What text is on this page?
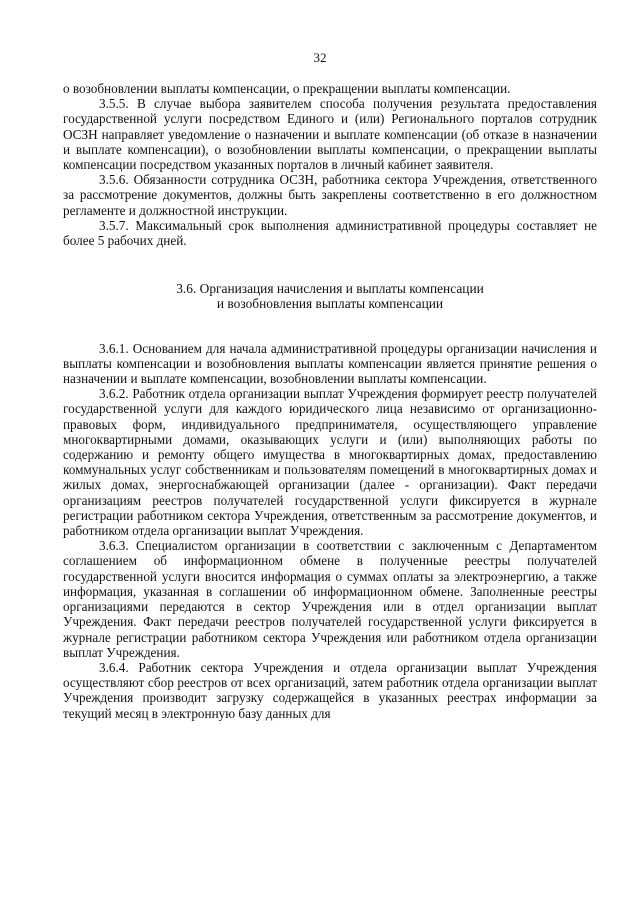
32

о возобновлении выплаты компенсации, о прекращении выплаты компенсации.

3.5.5. В случае выбора заявителем способа получения результата предоставления государственной услуги посредством Единого и (или) Регионального порталов сотрудник ОСЗН направляет уведомление о назначении и выплате компенсации (об отказе в назначении и выплате компенсации), о возобновлении выплаты компенсации, о прекращении выплаты компенсации посредством указанных порталов в личный кабинет заявителя.

3.5.6. Обязанности сотрудника ОСЗН, работника сектора Учреждения, ответственного за рассмотрение документов, должны быть закреплены соответственно в его должностном регламенте и должностной инструкции.

3.5.7. Максимальный срок выполнения административной процедуры составляет не более 5 рабочих дней.

3.6. Организация начисления и выплаты компенсации
и возобновления выплаты компенсации

3.6.1. Основанием для начала административной процедуры организации начисления и выплаты компенсации и возобновления выплаты компенсации является принятие решения о назначении и выплате компенсации, возобновлении выплаты компенсации.

3.6.2. Работник отдела организации выплат Учреждения формирует реестр получателей государственной услуги для каждого юридического лица независимо от организационно-правовых форм, индивидуального предпринимателя, осуществляющего управление многоквартирными домами, оказывающих услуги и (или) выполняющих работы по содержанию и ремонту общего имущества в многоквартирных домах, предоставлению коммунальных услуг собственникам и пользователям помещений в многоквартирных домах и жилых домах, энергоснабжающей организации (далее - организации). Факт передачи организациям реестров получателей государственной услуги фиксируется в журнале регистрации работником сектора Учреждения, ответственным за рассмотрение документов, и работником отдела организации выплат Учреждения.

3.6.3. Специалистом организации в соответствии с заключенным с Департаментом соглашением об информационном обмене в полученные реестры получателей государственной услуги вносится информация о суммах оплаты за электроэнергию, а также информация, указанная в соглашении об информационном обмене. Заполненные реестры организациями передаются в сектор Учреждения или в отдел организации выплат Учреждения. Факт передачи реестров получателей государственной услуги фиксируется в журнале регистрации работником сектора Учреждения или работником отдела организации выплат Учреждения.

3.6.4. Работник сектора Учреждения и отдела организации выплат Учреждения осуществляют сбор реестров от всех организаций, затем работник отдела организации выплат Учреждения производит загрузку содержащейся в указанных реестрах информации за текущий месяц в электронную базу данных для
